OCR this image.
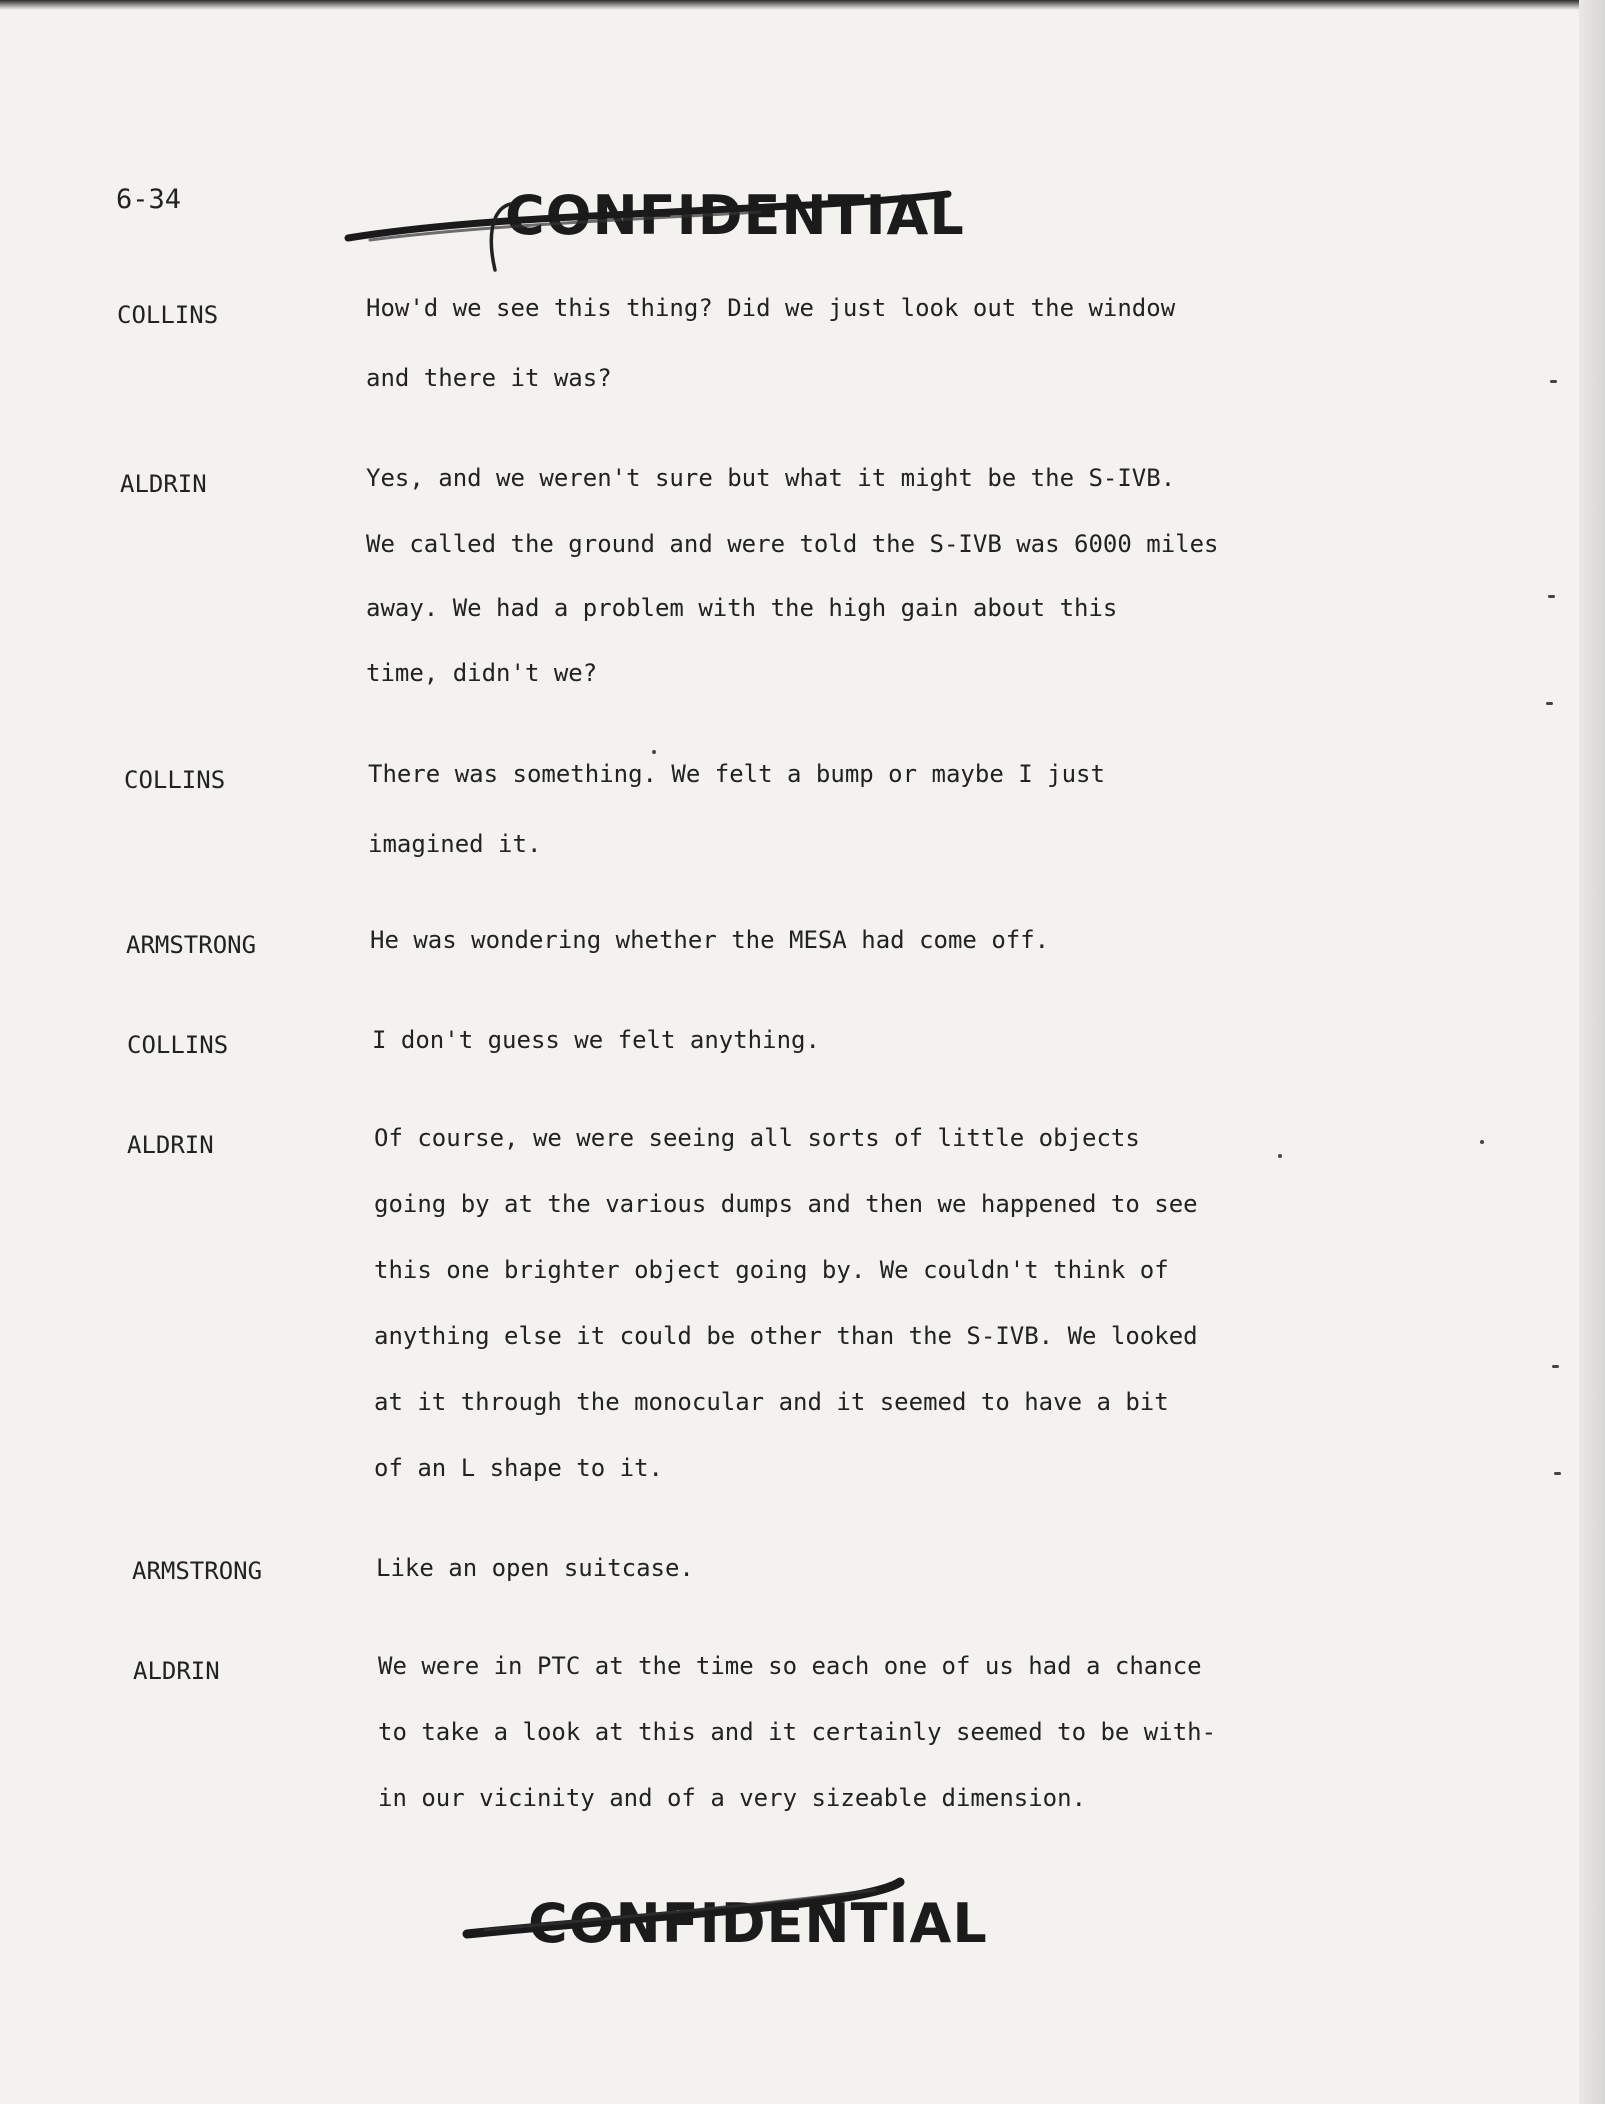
6-34	CONFIDENTIAL
COLLINS	How'd we see this thing? Did we just look out the window
and there it was?
ALDRIN	Yes, and we weren't sure but what it might be the S-IVB.
We called the ground and were told the S-IVB was 6000 miles
away. We had a problem with the high gain about this
time, didn't we?
COLLINS	There was something. We felt a bump or maybe I just
imagined it.
ARMSTRONG	He was wondering whether the MESA had come off.
COLLINS	I don't guess we felt anything.
ALDRIN	Of course, we were seeing all sorts of little objects
going by at the various dumps and then we happened to see
this one brighter object going by. We couldn't think of
anything else it could be other than the S-IVB. We looked
at it through the monocular and it seemed to have a bit
of an L shape to it.
ARMSTRONG	Like an open suitcase.
ALDRIN	We were in PTC at the time so each one of us had a chance
to take a look at this and it certainly seemed to be with-
in our vicinity and of a very sizeable dimension.
CONFIDENTIAL
